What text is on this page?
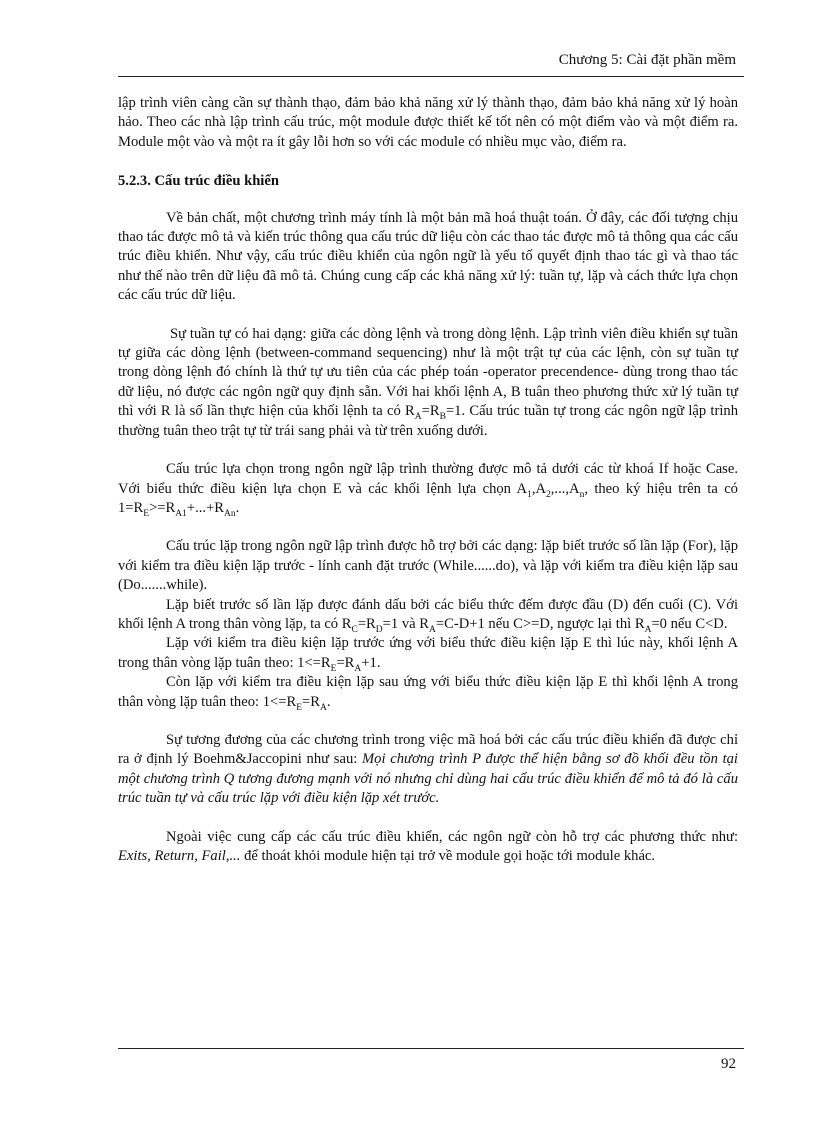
Chương 5: Cài đặt phần mềm

lập trình viên càng cần sự thành thạo, đảm bảo khả năng xử lý thành thạo, đảm bảo khả năng xử lý hoàn hảo. Theo các nhà lập trình cấu trúc, một module được thiết kế tốt nên có một điểm vào và một điểm ra. Module một vào và một ra ít gây lỗi hơn so với các module có nhiều mục vào, điểm ra.

5.2.3. Cấu trúc điều khiển

Về bản chất, một chương trình máy tính là một bản mã hoá thuật toán. Ở đây, các đối tượng chịu thao tác được mô tả và kiến trúc thông qua cấu trúc dữ liệu còn các thao tác được mô tả thông qua các cấu trúc điều khiển. Như vậy, cấu trúc điều khiển của ngôn ngữ là yếu tố quyết định thao tác gì và thao tác như thế nào trên dữ liệu đã mô tả. Chúng cung cấp các khả năng xử lý: tuần tự, lặp và cách thức lựa chọn các cấu trúc dữ liệu.

Sự tuần tự có hai dạng: giữa các dòng lệnh và trong dòng lệnh. Lập trình viên điều khiển sự tuần tự giữa các dòng lệnh (between-command sequencing) như là một trật tự của các lệnh, còn sự tuần tự trong dòng lệnh đó chính là thứ tự ưu tiên của các phép toán -operator precendence- dùng trong thao tác dữ liệu, nó được các ngôn ngữ quy định sẵn. Với hai khối lệnh A, B tuân theo phương thức xử lý tuần tự thì với R là số lần thực hiện của khối lệnh ta có $R_A=R_B=1$. Cấu trúc tuần tự trong các ngôn ngữ lập trình thường tuân theo trật tự từ trái sang phải và từ trên xuống dưới.

Cấu trúc lựa chọn trong ngôn ngữ lập trình thường được mô tả dưới các từ khoá If hoặc Case. Với biểu thức điều kiện lựa chọn E và các khối lệnh lựa chọn $A_1,A_2,...,A_n$, theo ký hiệu trên ta có $1=R_E>=R_{A1}+...+R_{An}$.

Cấu trúc lặp trong ngôn ngữ lập trình được hỗ trợ bởi các dạng: lặp biết trước số lần lặp (For), lặp với kiểm tra điều kiện lặp trước - lính canh đặt trước (While......do), và lặp với kiểm tra điều kiện lặp sau (Do.......while).

Lặp biết trước số lần lặp được đánh dấu bởi các biểu thức đếm được đầu (D) đến cuối (C). Với khối lệnh A trong thân vòng lặp, ta có $R_C=R_D=1$ và $R_A=C-D+1$ nếu C>=D, ngược lại thì $R_A=0$ nếu C<D.

Lặp với kiểm tra điều kiện lặp trước ứng với biểu thức điều kiện lặp E thì lúc này, khối lệnh A trong thân vòng lặp tuân theo: $1<=R_E=R_A+1$.

Còn lặp với kiểm tra điều kiện lặp sau ứng với biểu thức điều kiện lặp E thì khối lệnh A trong thân vòng lặp tuân theo: $1<=R_E=R_A$.

Sự tương đương của các chương trình trong việc mã hoá bởi các cấu trúc điều khiển đã được chỉ ra ở định lý Boehm&Jaccopini như sau: Mọi chương trình P được thể hiện bằng sơ đồ khối đều tồn tại một chương trình Q tương đương mạnh với nó nhưng chỉ dùng hai cấu trúc điều khiển để mô tả đó là cấu trúc tuần tự và cấu trúc lặp với điều kiện lặp xét trước.

Ngoài việc cung cấp các cấu trúc điều khiển, các ngôn ngữ còn hỗ trợ các phương thức như: Exits, Return, Fail,... để thoát khỏi module hiện tại trở về module gọi hoặc tới module khác.

92
